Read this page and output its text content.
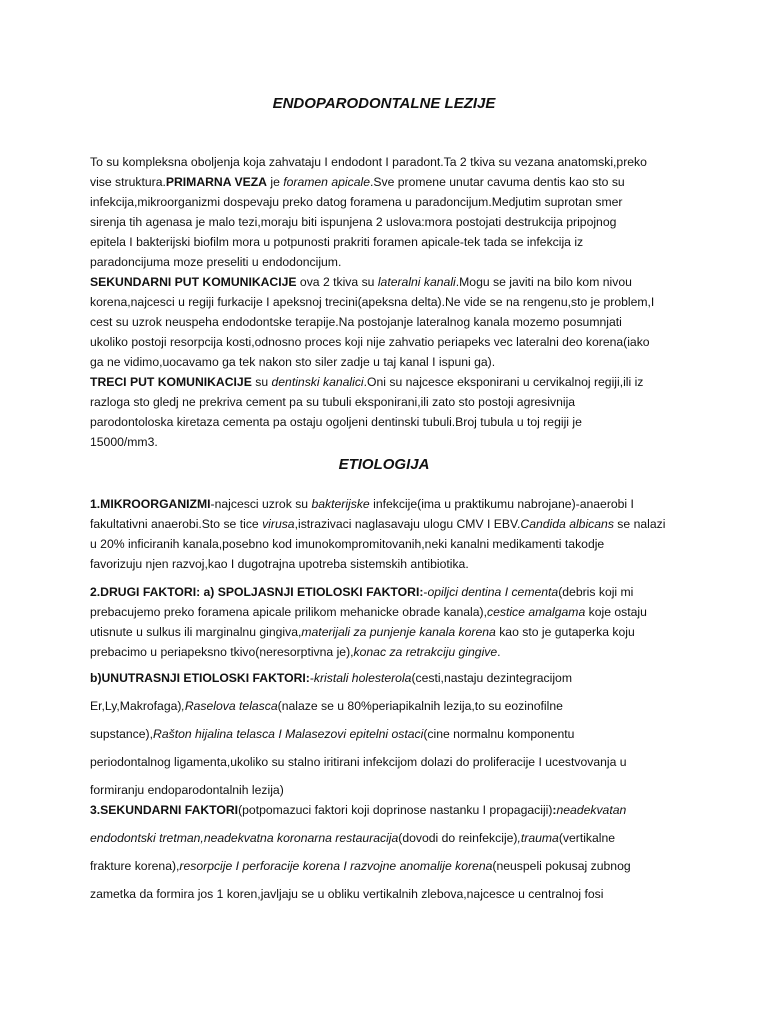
ENDOPARODONTALNE LEZIJE
To su kompleksna oboljenja koja zahvataju I endodont I paradont.Ta 2 tkiva su vezana anatomski,preko
vise struktura.PRIMARNA VEZA je foramen apicale.Sve promene unutar cavuma dentis kao sto su
infekcija,mikroorganizmi dospevaju preko datog foramena u paradoncijum.Medjutim suprotan smer
sirenja tih agenasa je malo tezi,moraju biti ispunjena 2 uslova:mora postojati destrukcija pripojnog
epitela I bakterijski biofilm mora u potpunosti prakriti foramen apicale-tek tada se infekcija iz
paradoncijuma moze preseliti u endodoncijum.
SEKUNDARNI PUT KOMUNIKACIJE ova 2 tkiva su lateralni kanali.Mogu se javiti na bilo kom nivou
korena,najcesci u regiji furkacije I apeksnoj trecini(apeksna delta).Ne vide se na rengenu,sto je problem,I
cest su uzrok neuspeha endodontske terapije.Na postojanje lateralnog kanala mozemo posumnjati
ukoliko postoji resorpcija kosti,odnosno proces koji nije zahvatio periapeks vec lateralni deo korena(iako
ga ne vidimo,uocavamo ga tek nakon sto siler zadje u taj kanal I ispuni ga).
TRECI PUT KOMUNIKACIJE su dentinski kanalici.Oni su najcesce eksponirani u cervikalnoj regiji,ili iz
razloga sto gledj ne prekriva cement pa su tubuli eksponirani,ili zato sto postoji agresivnija
parodontoloska kiretaza cementa pa ostaju ogoljeni dentinski tubuli.Broj tubula u toj regiji je
15000/mm3.
ETIOLOGIJA
1.MIKROORGANIZMI-najcesci uzrok su bakterijske infekcije(ima u praktikumu nabrojane)-anaerobi I
fakultativni anaerobi.Sto se tice virusa,istrazivaci naglasavaju ulogu CMV I EBV.Candida albicans se nalazi
u 20% inficiranih kanala,posebno kod imunokompromitovanih,neki kanalni medikamenti takodje
favorizuju njen razvoj,kao I dugotrajna upotreba sistemskih antibiotika.
2.DRUGI FAKTORI: a) SPOLJASNJI ETIOLOSKI FAKTORI:-opiljci dentina I cementa(debris koji mi
prebacujemo preko foramena apicale prilikom mehanicke obrade kanala),cestice amalgama koje ostaju
utisnute u sulkus ili marginalnu gingiva,materijali za punjenje kanala korena kao sto je gutaperka koju
prebacimo u periapeksno tkivo(neresorptivna je),konac za retrakciju gingive.
b)UNUTRASNJI ETIOLOSKI FAKTORI:-kristali holesterola(cesti,nastaju dezintegracijom
Er,Ly,Makrofaga),Raselova telasca(nalaze se u 80%periapikalnih lezija,to su eozinofilne
supstance),Rašton hijalina telasca I Malasezovi epitelni ostaci(cine normalnu komponentu
periodontalnog ligamenta,ukoliko su stalno iritirani infekcijom dolazi do proliferacije I ucestvovanja u
formiranju endoparodontalnih lezija)
3.SEKUNDARNI FAKTORI(potpomazuci faktori koji doprinose nastanku I propagaciji):neadekvatan
endodontski tretman,neadekvatna koronarna restauracija(dovodi do reinfekcije),trauma(vertikalne
frakture korena),resorpcije I perforacije korena I razvojne anomalije korena(neuspeli pokusaj zubnog
zametka da formira jos 1 koren,javljaju se u obliku vertikalnih zlebova,najcesce u centralnoj fosi
